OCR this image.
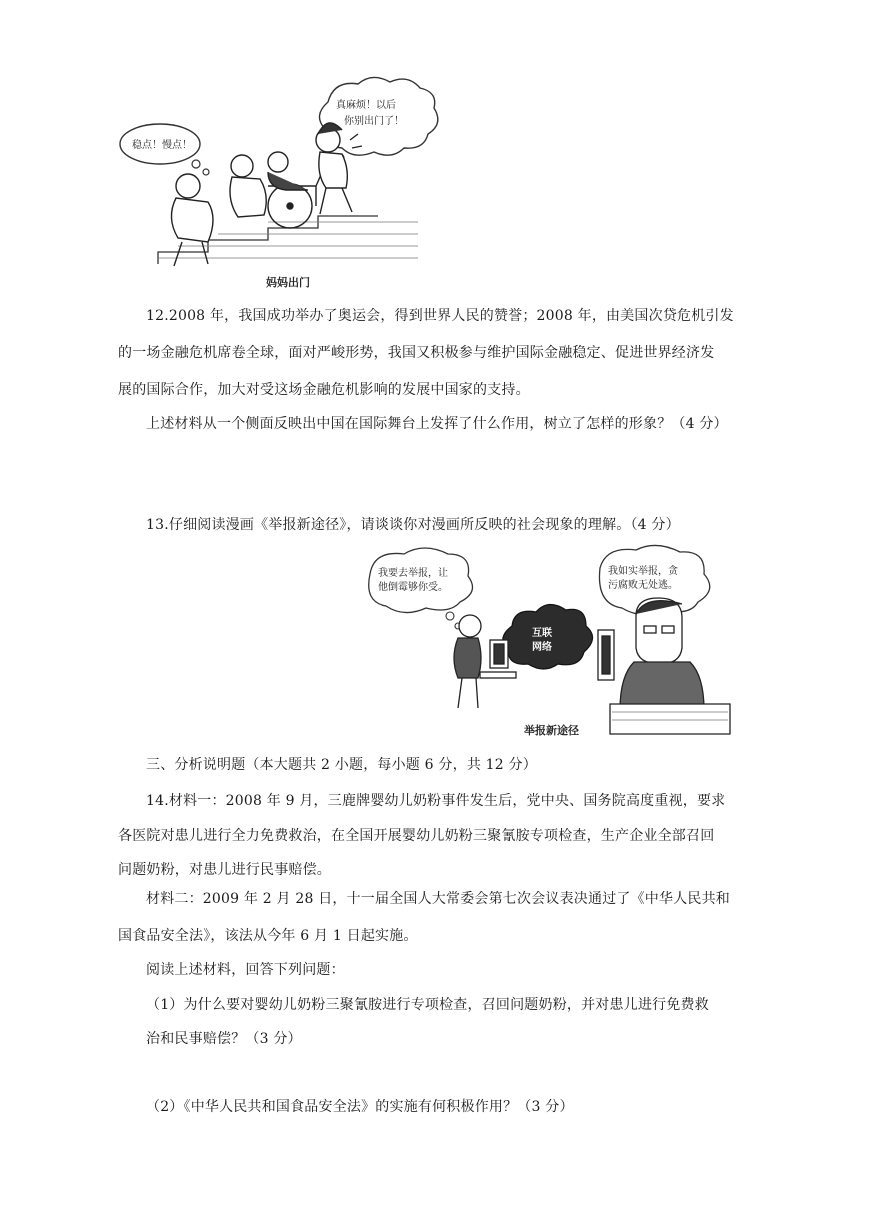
稳点！慢点！
真麻烦！以后
你别出门了！
妈妈出门
12.2008 年，我国成功举办了奥运会，得到世界人民的赞誉；2008 年，由美国次贷危机引发
的一场金融危机席卷全球，面对严峻形势，我国又积极参与维护国际金融稳定、促进世界经济发
展的国际合作，加大对受这场金融危机影响的发展中国家的支持。
上述材料从一个侧面反映出中国在国际舞台上发挥了什么作用，树立了怎样的形象？（4 分）
13.仔细阅读漫画《举报新途径》，请谈谈你对漫画所反映的社会现象的理解。（4 分）
我要去举报，让
他倒霉够你受。
我如实举报，贪
污腐败无处逃。
互联
网络
举报新途径
三、分析说明题（本大题共 2 小题，每小题 6 分，共 12 分）
14.材料一：2008 年 9 月，三鹿牌婴幼儿奶粉事件发生后，党中央、国务院高度重视，要求
各医院对患儿进行全力免费救治，在全国开展婴幼儿奶粉三聚氰胺专项检查，生产企业全部召回
问题奶粉，对患儿进行民事赔偿。
材料二：2009 年 2 月 28 日，十一届全国人大常委会第七次会议表决通过了《中华人民共和
国食品安全法》，该法从今年 6 月 1 日起实施。
阅读上述材料，回答下列问题：
（1）为什么要对婴幼儿奶粉三聚氰胺进行专项检查，召回问题奶粉，并对患儿进行免费救
治和民事赔偿？（3 分）
（2）《中华人民共和国食品安全法》的实施有何积极作用？（3 分）
